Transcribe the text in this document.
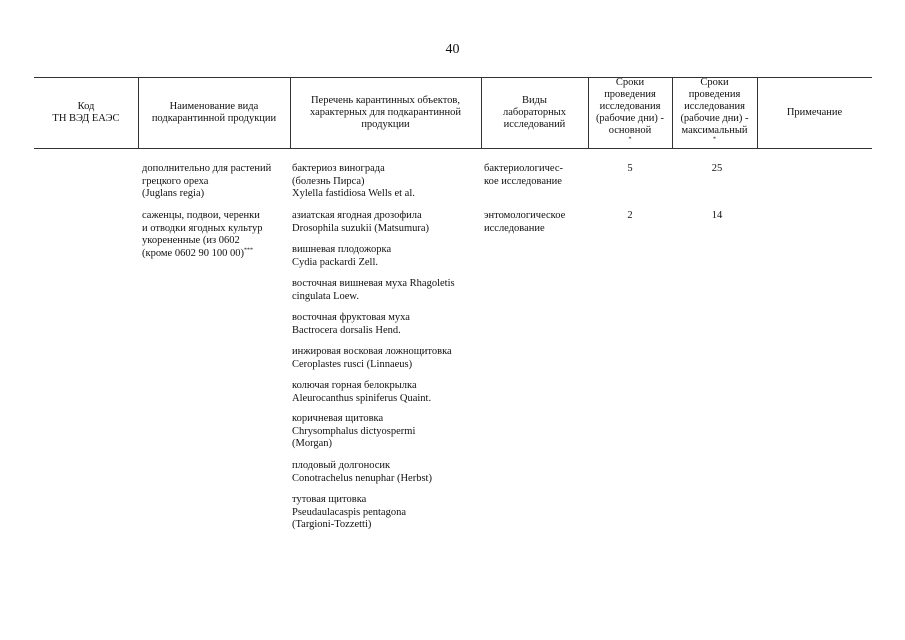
40
Код
ТН ВЭД ЕАЭС
Наименование вида
подкарантинной продукции
Перечень карантинных объектов,
характерных для подкарантинной
продукции
Виды
лабораторных
исследований
Сроки
проведения
исследования
(рабочие дни) -
основной
*
Сроки
проведения
исследования
(рабочие дни) -
максимальный
*
Примечание
дополнительно для растений
грецкого ореха
(Juglans regia)
бактериоз винограда
(болезнь Пирса)
Xylella fastidiosa Wells et al.
бактериологичес-
кое исследование
5	25
саженцы, подвои, черенки
и отводки ягодных культур
укорененные (из 0602
(кроме 0602 90 100 00)***
энтомологическое
исследование
2	14
азиатская ягодная дрозофила
Drosophila suzukii (Matsumura)
вишневая плодожорка
Cydia packardi Zell.
восточная вишневая муха Rhagoletis
cingulata Loew.
восточная фруктовая муха
Bactrocera dorsalis Hend.
инжировая восковая ложнощитовка
Ceroplastes rusci (Linnaeus)
колючая горная белокрылка
Aleurocanthus spiniferus Quaint.
коричневая щитовка
Chrysomphalus dictyospermi
(Morgan)
плодовый долгоносик
Conotrachelus nenuphar (Herbst)
тутовая щитовка
Pseudaulacaspis pentagona
(Targioni-Tozzetti)
